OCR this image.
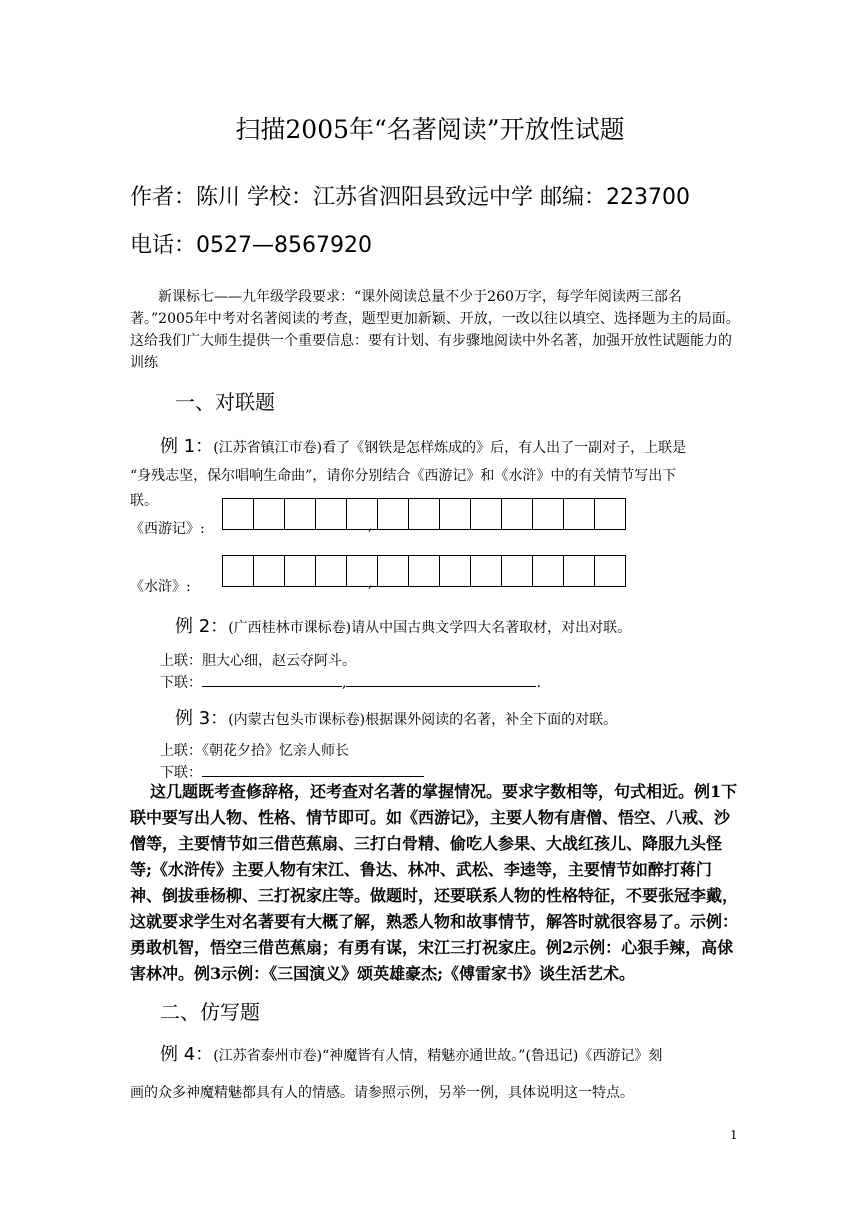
扫描2005年“名著阅读”开放性试题
作者：陈川 学校：江苏省泗阳县致远中学 邮编：223700
电话：0527—8567920
新课标七——九年级学段要求：“课外阅读总量不少于260万字，每学年阅读两三部名著。”2005年中考对名著阅读的考查，题型更加新颖、开放，一改以往以填空、选择题为主的局面。这给我们广大师生提供一个重要信息：要有计划、有步骤地阅读中外名著，加强开放性试题能力的训练
一、对联题
例 1：(江苏省镇江市卷)看了《钢铁是怎样炼成的》后，有人出了一副对子，上联是
“身残志坚，保尔唱响生命曲”，请你分别结合《西游记》和《水浒》中的有关情节写出下
联。
《西游记》:	,
《水浒》:	,
例 2：(广西桂林市课标卷)请从中国古典文学四大名著取材，对出对联。
上联：胆大心细，赵云夺阿斗。
下联：	,	.
例 3：(内蒙古包头市课标卷)根据课外阅读的名著，补全下面的对联。
上联：《朝花夕拾》忆亲人师长
下联：
这几题既考查修辞格，还考查对名著的掌握情况。要求字数相等，句式相近。例1下联中要写出人物、性格、情节即可。如《西游记》，主要人物有唐僧、悟空、八戒、沙僧等，主要情节如三借芭蕉扇、三打白骨精、偷吃人参果、大战红孩儿、降服九头怪等;《水浒传》主要人物有宋江、鲁达、林冲、武松、李逵等，主要情节如醉打蒋门神、倒拔垂杨柳、三打祝家庄等。做题时，还要联系人物的性格特征，不要张冠李戴，这就要求学生对名著要有大概了解，熟悉人物和故事情节，解答时就很容易了。示例：勇敢机智，悟空三借芭蕉扇；有勇有谋，宋江三打祝家庄。例2示例：心狠手辣，高俅害林冲。例3示例：《三国演义》颂英雄豪杰;《傅雷家书》谈生活艺术。
二、仿写题
例 4：(江苏省泰州市卷)“神魔皆有人情，精魅亦通世故。”(鲁迅记)《西游记》刻
画的众多神魔精魅都具有人的情感。请参照示例，另举一例，具体说明这一特点。
1
